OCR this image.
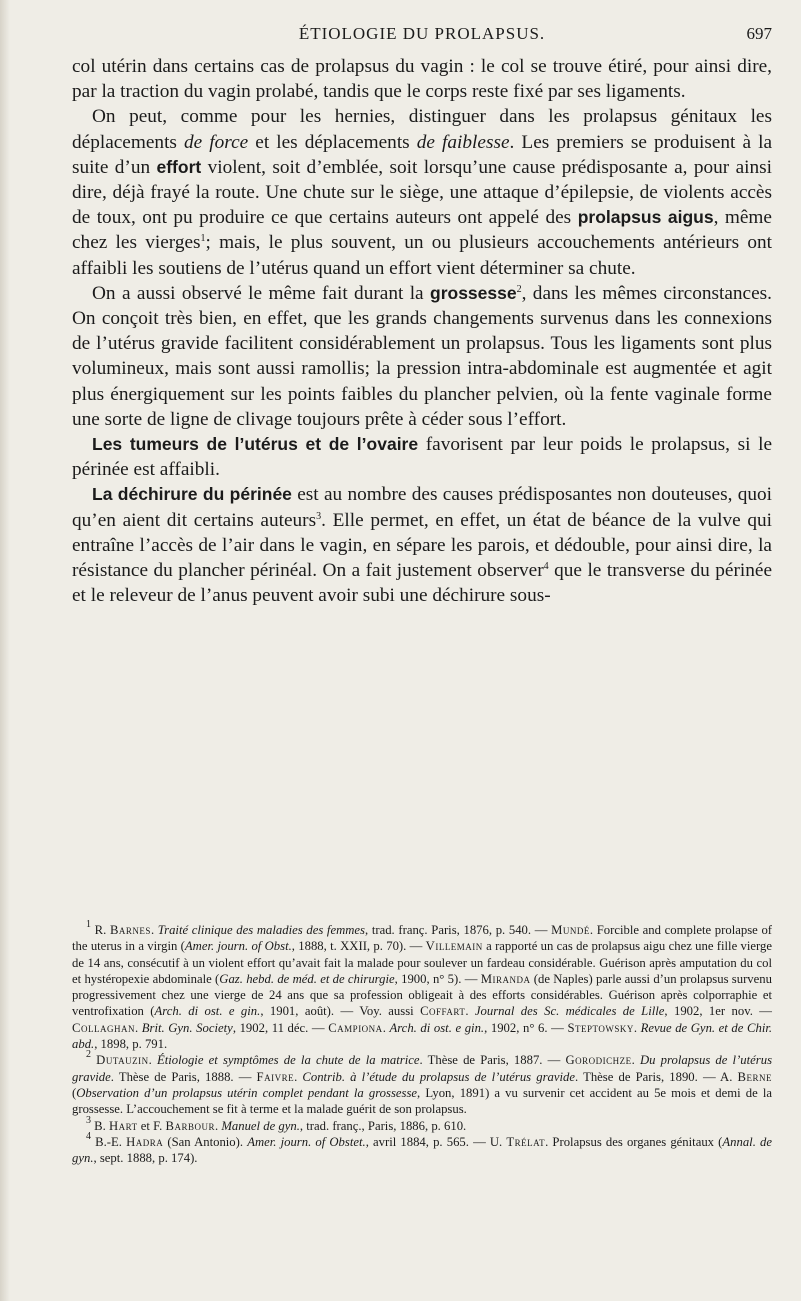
ÉTIOLOGIE DU PROLAPSUS.	697

col utérin dans certains cas de prolapsus du vagin : le col se trouve étiré, pour ainsi dire, par la traction du vagin prolabé, tandis que le corps reste fixé par ses ligaments.

On peut, comme pour les hernies, distinguer dans les prolapsus génitaux les déplacements de force et les déplacements de faiblesse. Les premiers se produisent à la suite d’un effort violent, soit d’emblée, soit lorsqu’une cause prédisposante a, pour ainsi dire, déjà frayé la route. Une chute sur le siège, une attaque d’épilepsie, de violents accès de toux, ont pu produire ce que certains auteurs ont appelé des prolapsus aigus, même chez les vierges$^1$; mais, le plus souvent, un ou plusieurs accouchements antérieurs ont affaibli les soutiens de l’utérus quand un effort vient déterminer sa chute.

On a aussi observé le même fait durant la grossesse$^2$, dans les mêmes circonstances. On conçoit très bien, en effet, que les grands changements survenus dans les connexions de l’utérus gravide facilitent considérablement un prolapsus. Tous les ligaments sont plus volumineux, mais sont aussi ramollis; la pression intra-abdominale est augmentée et agit plus énergiquement sur les points faibles du plancher pelvien, où la fente vaginale forme une sorte de ligne de clivage toujours prête à céder sous l’effort.

Les tumeurs de l’utérus et de l’ovaire favorisent par leur poids le prolapsus, si le périnée est affaibli.

La déchirure du périnée est au nombre des causes prédisposantes non douteuses, quoi qu’en aient dit certains auteurs$^3$. Elle permet, en effet, un état de béance de la vulve qui entraîne l’accès de l’air dans le vagin, en sépare les parois, et dédouble, pour ainsi dire, la résistance du plancher périnéal. On a fait justement observer$^4$ que le transverse du périnée et le releveur de l’anus peuvent avoir subi une déchirure sous-

$^1$ R. Barnes. Traité clinique des maladies des femmes, trad. franç. Paris, 1876, p. 540. — Mundé. Forcible and complete prolapse of the uterus in a virgin (Amer. journ. of Obst., 1888, t. XXII, p. 70). — Villemain a rapporté un cas de prolapsus aigu chez une fille vierge de 14 ans, consécutif à un violent effort qu’avait fait la malade pour soulever un fardeau considérable. Guérison après amputation du col et hystéropexie abdominale (Gaz. hebd. de méd. et de chirurgie, 1900, n° 5). — Miranda (de Naples) parle aussi d’un prolapsus survenu progressivement chez une vierge de 24 ans que sa profession obligeait à des efforts considérables. Guérison après colporraphie et ventrofixation (Arch. di ost. e gin., 1901, août). — Voy. aussi Coffart. Journal des Sc. médicales de Lille, 1902, 1er nov. — Collaghan. Brit. Gyn. Society, 1902, 11 déc. — Campiona. Arch. di ost. e gin., 1902, n° 6. — Steptowsky. Revue de Gyn. et de Chir. abd., 1898, p. 791.

$^2$ Dutauzin. Étiologie et symptômes de la chute de la matrice. Thèse de Paris, 1887. — Gorodichze. Du prolapsus de l’utérus gravide. Thèse de Paris, 1888. — Faivre. Contrib. à l’étude du prolapsus de l’utérus gravide. Thèse de Paris, 1890. — A. Berne (Observation d’un prolapsus utérin complet pendant la grossesse, Lyon, 1891) a vu survenir cet accident au 5e mois et demi de la grossesse. L’accouchement se fit à terme et la malade guérit de son prolapsus.

$^3$ B. Hart et F. Barbour. Manuel de gyn., trad. franç., Paris, 1886, p. 610.

$^4$ B.-E. Hadra (San Antonio). Amer. journ. of Obstet., avril 1884, p. 565. — U. Trélat. Prolapsus des organes génitaux (Annal. de gyn., sept. 1888, p. 174).
